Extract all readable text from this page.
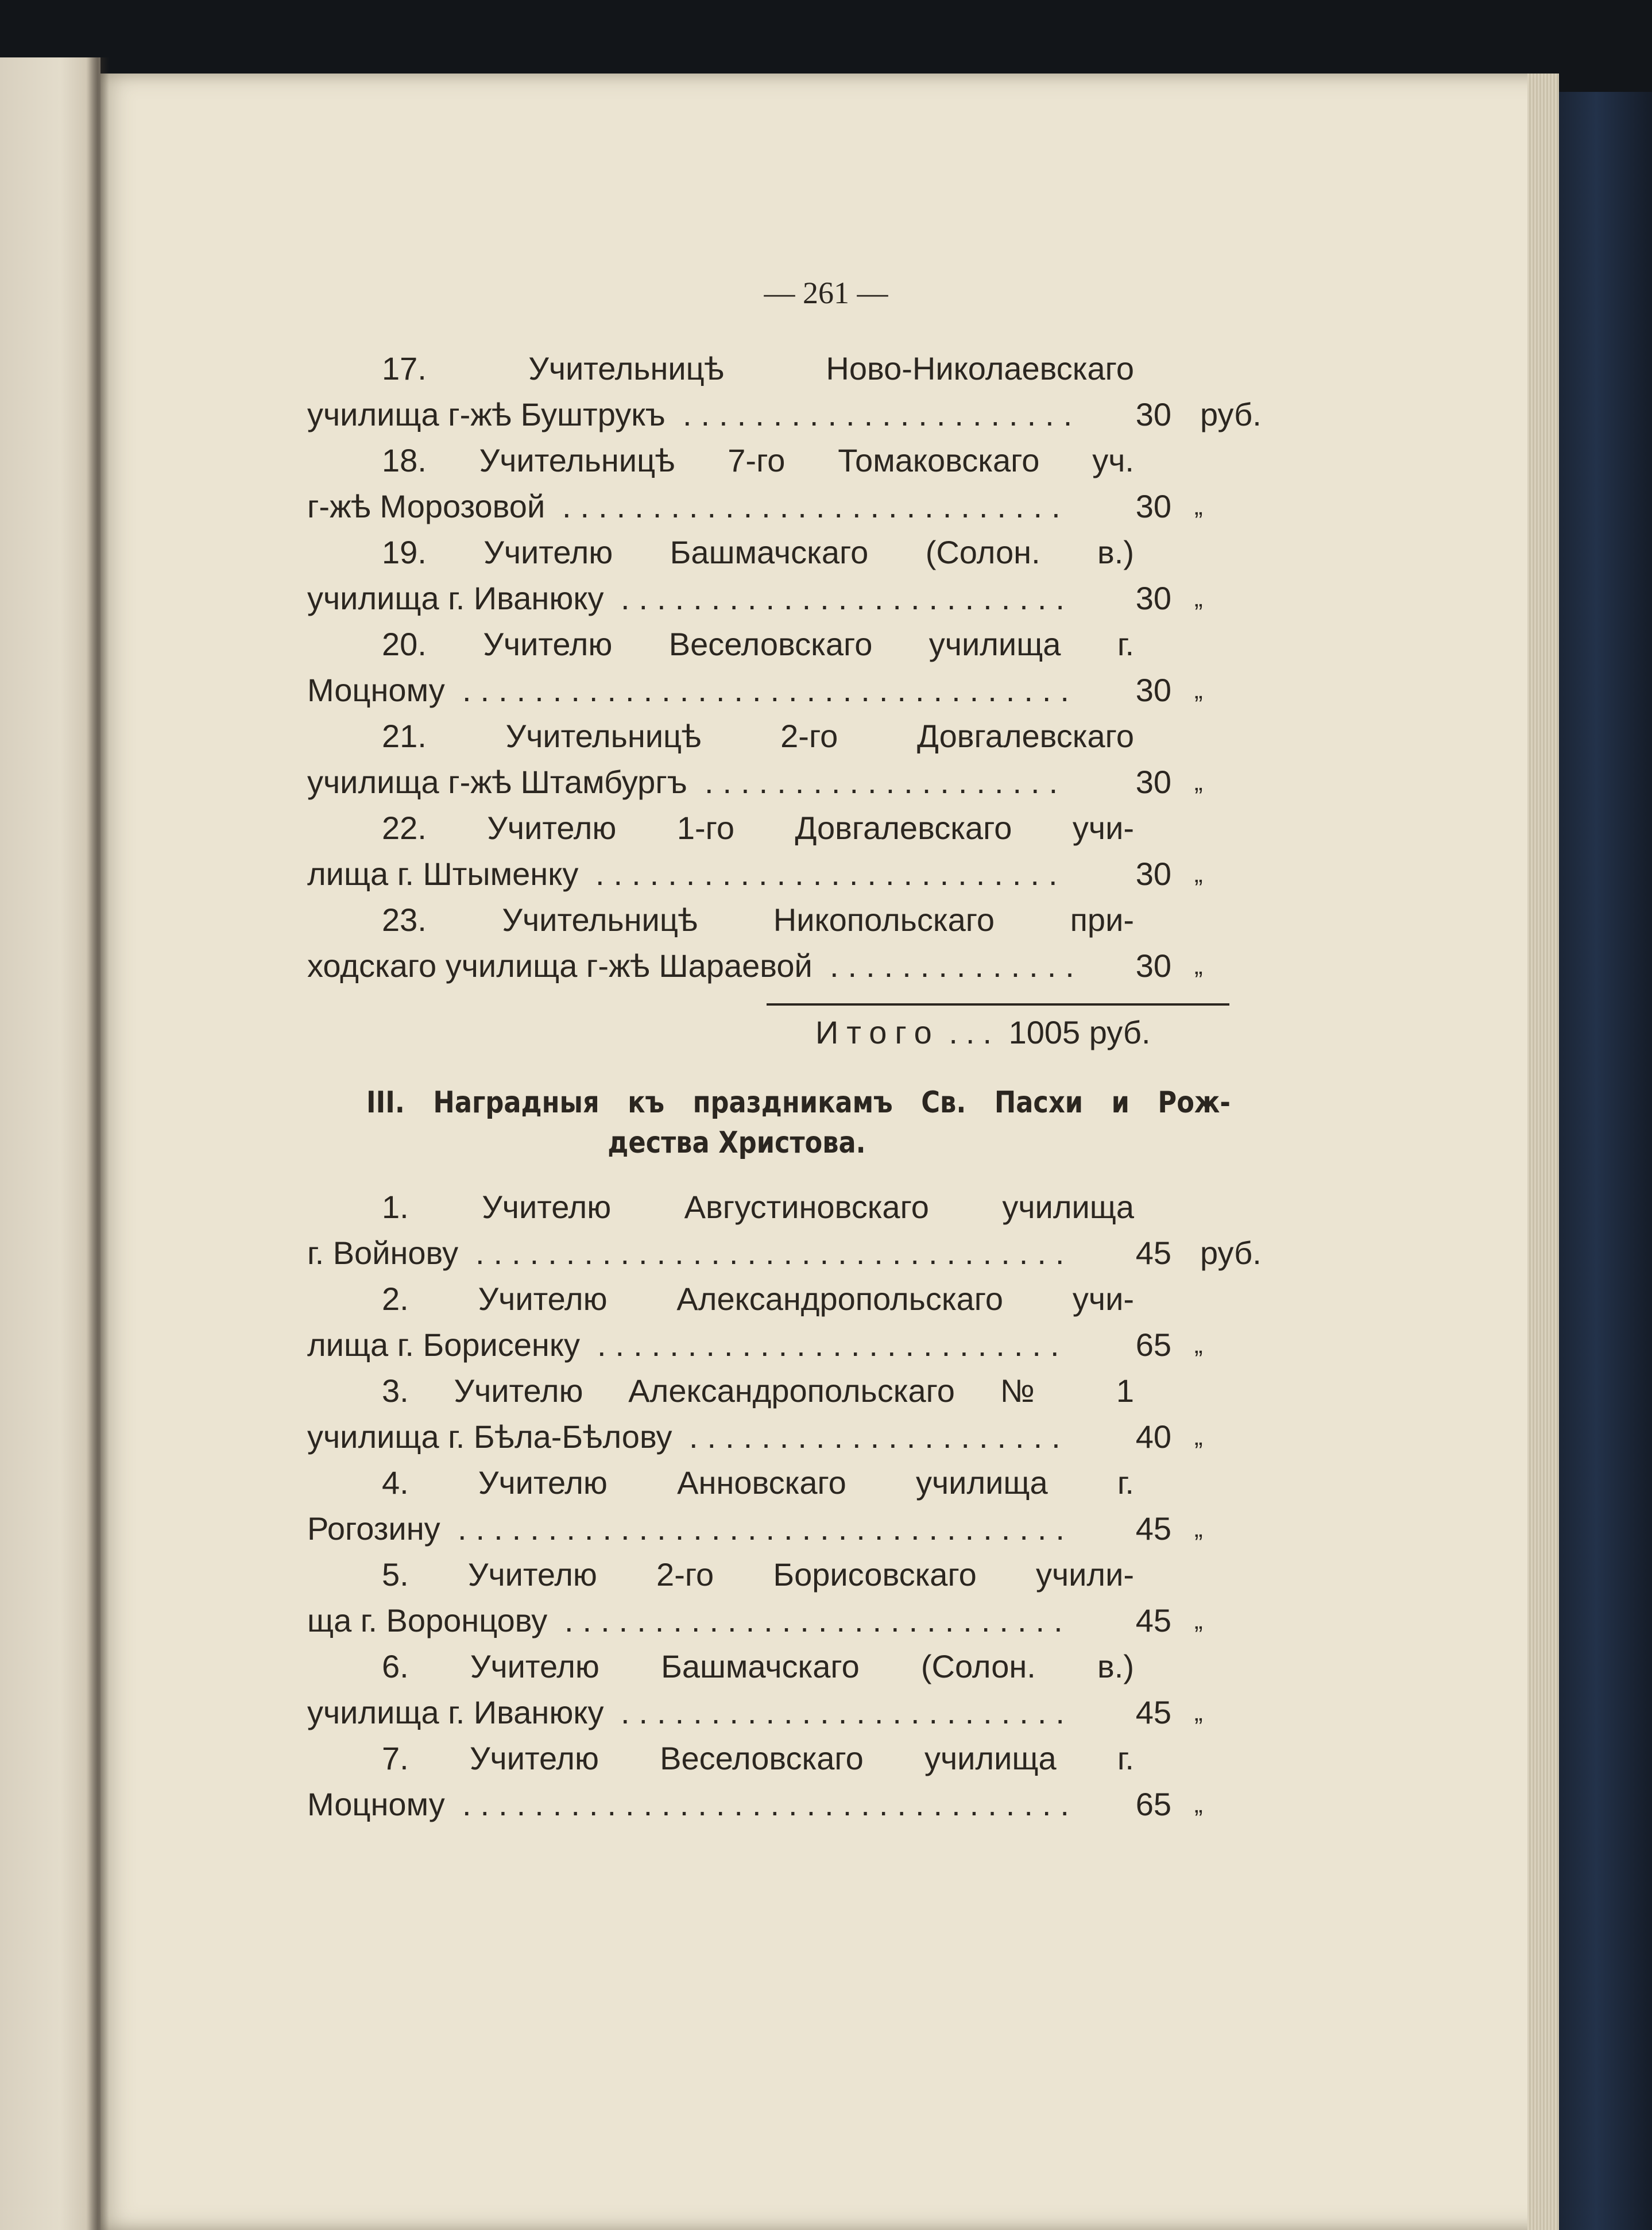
— 261 —
17.	Учительницѣ Ново-Николаевскаго
училища г-жѣ Буштрукъ ......................	30 руб.
18. Учительницѣ 7-го Томаковскаго уч.
г-жѣ Морозовой ............................	30 „
19. Учителю Башмачскаго (Солон. в.)
училища г. Иванюку .........................	30 „
20. Учителю Веселовскаго училища г.
Моцному ..................................	30 „
21. Учительницѣ 2-го Довгалевскаго
училища г-жѣ Штамбургъ ....................	30 „
22. Учителю 1-го Довгалевскаго учи-
лища г. Штыменку ..........................	30 „
23. Учительницѣ Никопольскаго при-
ходскаго училища г-жѣ Шараевой ..............	30 „
Итого ... 1005 руб.
III. Наградныя къ праздникамъ Св. Пасхи и Рож-
дества Христова.
1. Учителю Августиновскаго училища
г. Войнову .................................	45 руб.
2. Учителю Александропольскаго учи-
лища г. Борисенку ..........................	65 „
3. Учителю Александропольскаго № 1
училища г. Бѣла-Бѣлову .....................	40 „
4. Учителю Анновскаго училища г.
Рогозину ..................................	45 „
5. Учителю 2-го Борисовскаго учили-
ща г. Воронцову ............................	45 „
6. Учителю Башмачскаго (Солон. в.)
училища г. Иванюку .........................	45 „
7. Учителю Веселовскаго училища г.
Моцному ..................................	65 „
